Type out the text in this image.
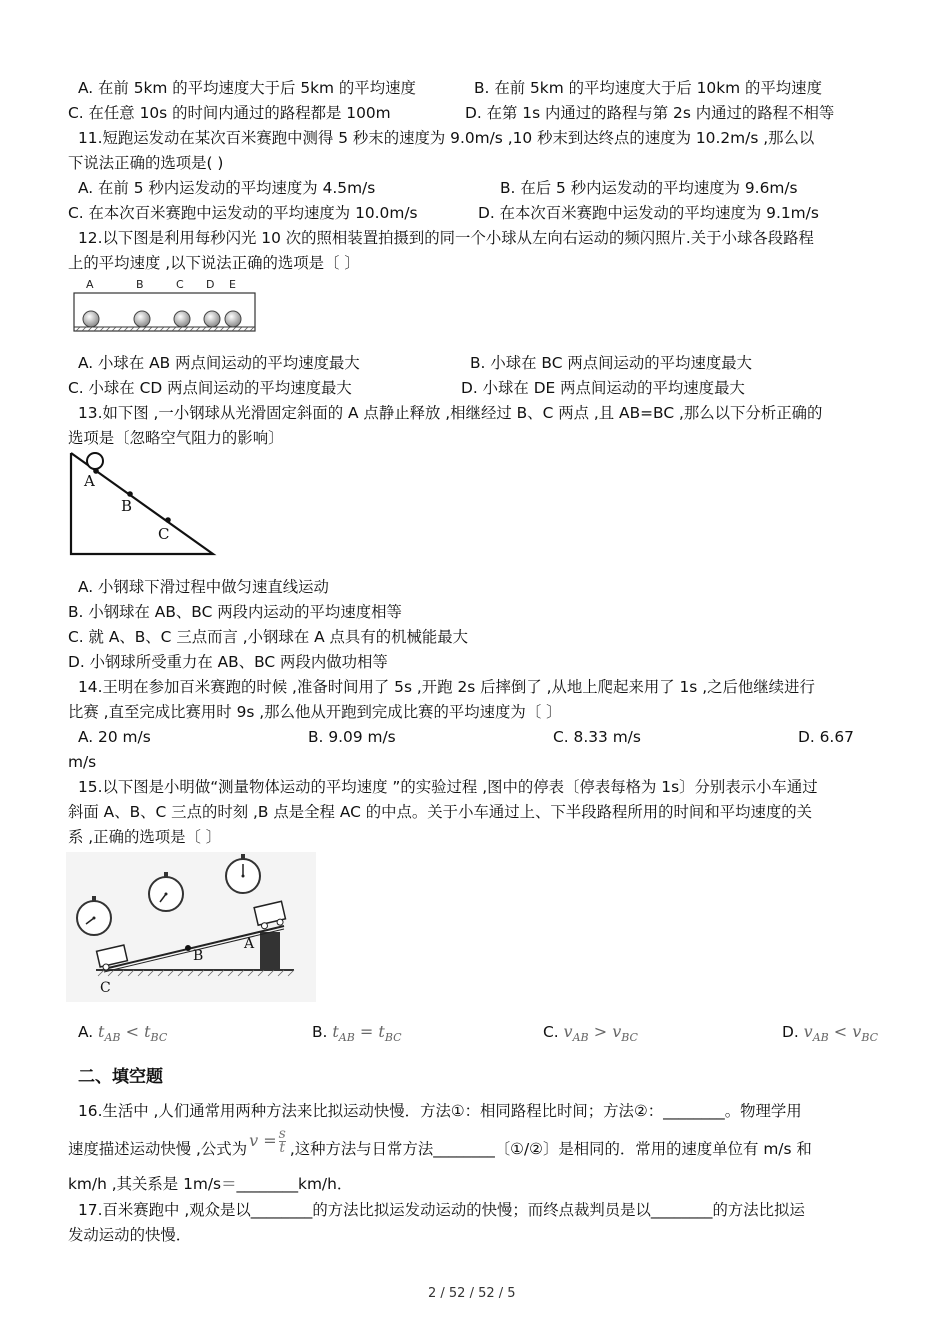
A. 在前 5km 的平均速度大于后 5km 的平均速度	B. 在前 5km 的平均速度大于后 10km 的平均速度
C. 在任意 10s 的时间内通过的路程都是 100m	D. 在第 1s 内通过的路程与第 2s 内通过的路程不相等
11.短跑运发动在某次百米赛跑中测得 5 秒末的速度为 9.0m/s ,10 秒末到达终点的速度为 10.2m/s ,那么以
下说法正确的选项是( )
A. 在前 5 秒内运发动的平均速度为 4.5m/s	B. 在后 5 秒内运发动的平均速度为 9.6m/s
C. 在本次百米赛跑中运发动的平均速度为 10.0m/s	D. 在本次百米赛跑中运发动的平均速度为 9.1m/s
12.以下图是利用每秒闪光 10 次的照相装置拍摄到的同一个小球从左向右运动的频闪照片.关于小球各段路程
上的平均速度 ,以下说法正确的选项是〔 〕
A	B	C D E
A. 小球在 AB 两点间运动的平均速度最大	B. 小球在 BC 两点间运动的平均速度最大
C. 小球在 CD 两点间运动的平均速度最大	D. 小球在 DE 两点间运动的平均速度最大
13.如下图 ,一小钢球从光滑固定斜面的 A 点静止释放 ,相继经过 B、C 两点 ,且 AB=BC ,那么以下分析正确的
选项是〔忽略空气阻力的影响〕
A
B
C
A. 小钢球下滑过程中做匀速直线运动
B. 小钢球在 AB、BC 两段内运动的平均速度相等
C. 就 A、B、C 三点而言 ,小钢球在 A 点具有的机械能最大
D. 小钢球所受重力在 AB、BC 两段内做功相等
14.王明在参加百米赛跑的时候 ,准备时间用了 5s ,开跑 2s 后摔倒了 ,从地上爬起来用了 1s ,之后他继续进行
比赛 ,直至完成比赛用时 9s ,那么他从开跑到完成比赛的平均速度为〔 〕
A. 20 m/s	B. 9.09 m/s	C. 8.33 m/s	D. 6.67
m/s
15.以下图是小明做“测量物体运动的平均速度 ”的实验过程 ,图中的停表〔停表每格为 1s〕分别表示小车通过
斜面 A、B、C 三点的时刻 ,B 点是全程 AC 的中点。关于小车通过上、下半段路程所用的时间和平均速度的关
系 ,正确的选项是〔 〕
B
A
C
A. $t_{AB} < t_{BC}$	B. $t_{AB} = t_{BC}$	C. $v_{AB} > v_{BC}$	D. $v_{AB} < v_{BC}$
二、填空题
16.生活中 ,人们通常用两种方法来比拟运动快慢．方法①：相同路程比时间；方法②：________。物理学用
速度描述运动快慢 ,公式为 $v = \frac{s}{t}$ ,这种方法与日常方法________〔①/②〕是相同的．常用的速度单位有 m/s 和
km/h ,其关系是 1m/s＝________km/h．
17.百米赛跑中 ,观众是以________的方法比拟运发动运动的快慢；而终点裁判员是以________的方法比拟运
发动运动的快慢．
2 / 52 / 52 / 5
